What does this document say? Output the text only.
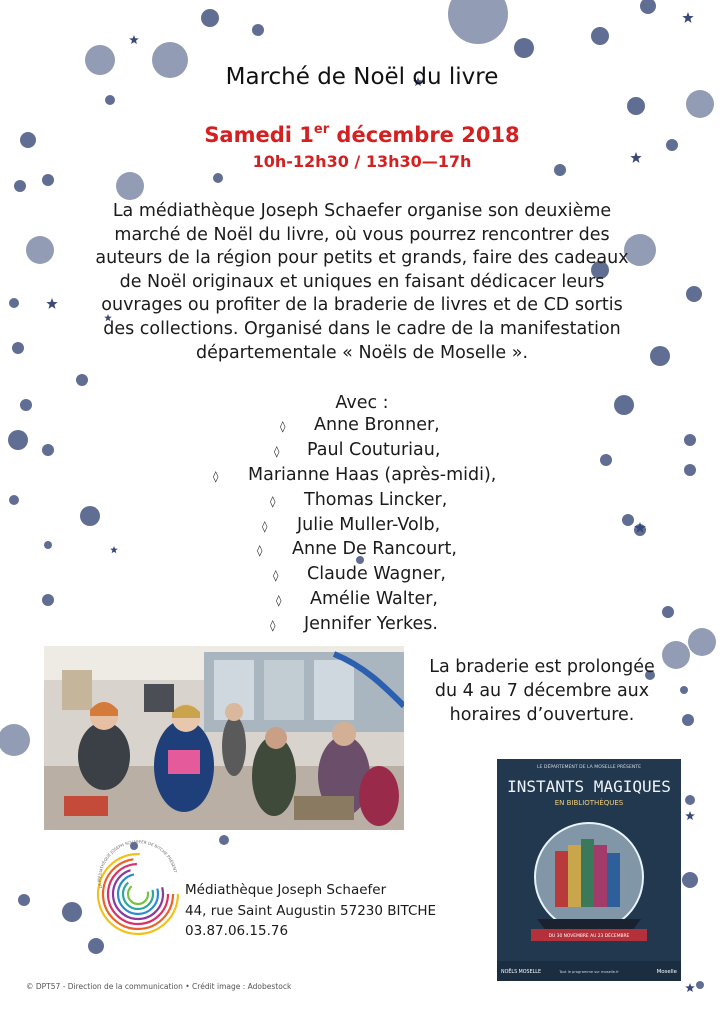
Marché de Noël du livre
Samedi 1er décembre 2018
10h-12h30 / 13h30—17h
La médiathèque Joseph Schaefer organise son deuxième
marché de Noël du livre, où vous pourrez rencontrer des
auteurs de la région pour petits et grands, faire des cadeaux
de Noël originaux et uniques en faisant dédicacer leurs
ouvrages ou profiter de la braderie de livres et de CD sortis
des collections. Organisé dans le cadre de la manifestation
départementale « Noëls de Moselle ».
Avec :
◊ Anne Bronner,
◊ Paul Couturiau,
◊ Marianne Haas (après-midi),
◊ Thomas Lincker,
◊ Julie Muller-Volb,
◊ Anne De Rancourt,
◊ Claude Wagner,
◊ Amélie Walter,
◊ Jennifer Yerkes.
La braderie est prolongée
du 4 au 7 décembre aux
horaires d’ouverture.
LE DÉPARTEMENT DE LA MOSELLE PRÉSENTE
INSTANTS MAGIQUES
EN BIBLIOTHÈQUES
DU 30 NOVEMBRE AU 23 DÉCEMBRE
NOËLS MOSELLE	Tout le programme sur moselle.fr	Moselle
LA MÉDIATHÈQUE JOSEPH SCHAEFER DE BITCHE PRÉSENT
Médiathèque Joseph Schaefer
44, rue Saint Augustin 57230 BITCHE
03.87.06.15.76
© DPT57 - Direction de la communication • Crédit image : Adobestock
